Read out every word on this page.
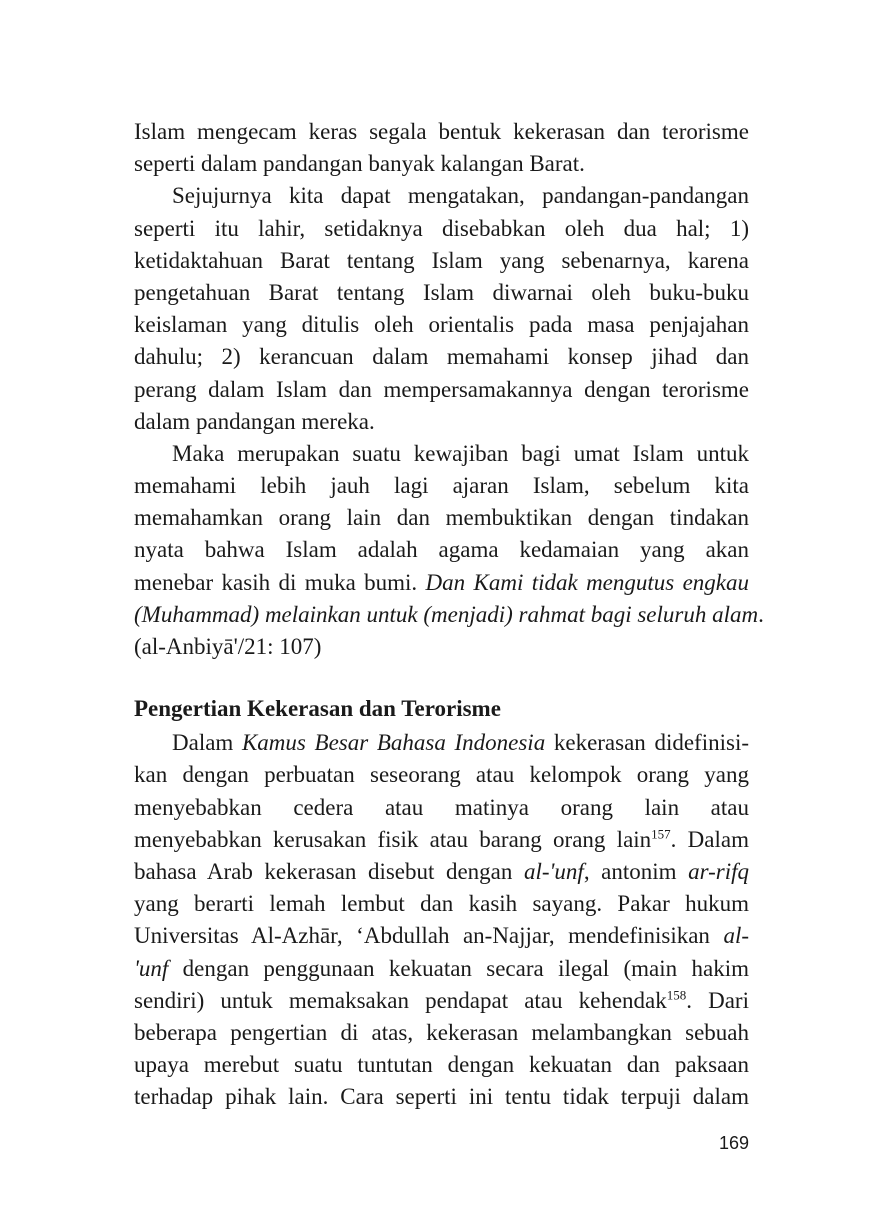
Islam mengecam keras segala bentuk kekerasan dan terorisme
seperti dalam pandangan banyak kalangan Barat.
Sejujurnya kita dapat mengatakan, pandangan-pandangan
seperti itu lahir, setidaknya disebabkan oleh dua hal; 1)
ketidaktahuan Barat tentang Islam yang sebenarnya, karena
pengetahuan Barat tentang Islam diwarnai oleh buku-buku
keislaman yang ditulis oleh orientalis pada masa penjajahan
dahulu; 2) kerancuan dalam memahami konsep jihad dan
perang dalam Islam dan mempersamakannya dengan terorisme
dalam pandangan mereka.
Maka merupakan suatu kewajiban bagi umat Islam untuk
memahami lebih jauh lagi ajaran Islam, sebelum kita
memahamkan orang lain dan membuktikan dengan tindakan
nyata bahwa Islam adalah agama kedamaian yang akan
menebar kasih di muka bumi. Dan Kami tidak mengutus engkau
(Muhammad) melainkan untuk (menjadi) rahmat bagi seluruh alam.
(al-Anbiyā'/21: 107)
Pengertian Kekerasan dan Terorisme
Dalam Kamus Besar Bahasa Indonesia kekerasan didefinisi-
kan dengan perbuatan seseorang atau kelompok orang yang
menyebabkan cedera atau matinya orang lain atau
menyebabkan kerusakan fisik atau barang orang lain$^{157}$. Dalam
bahasa Arab kekerasan disebut dengan al-'unf, antonim ar-rifq
yang berarti lemah lembut dan kasih sayang. Pakar hukum
Universitas Al-Azhār, ‘Abdullah an-Najjar, mendefinisikan al-
'unf dengan penggunaan kekuatan secara ilegal (main hakim
sendiri) untuk memaksakan pendapat atau kehendak$^{158}$. Dari
beberapa pengertian di atas, kekerasan melambangkan sebuah
upaya merebut suatu tuntutan dengan kekuatan dan paksaan
terhadap pihak lain. Cara seperti ini tentu tidak terpuji dalam
169
